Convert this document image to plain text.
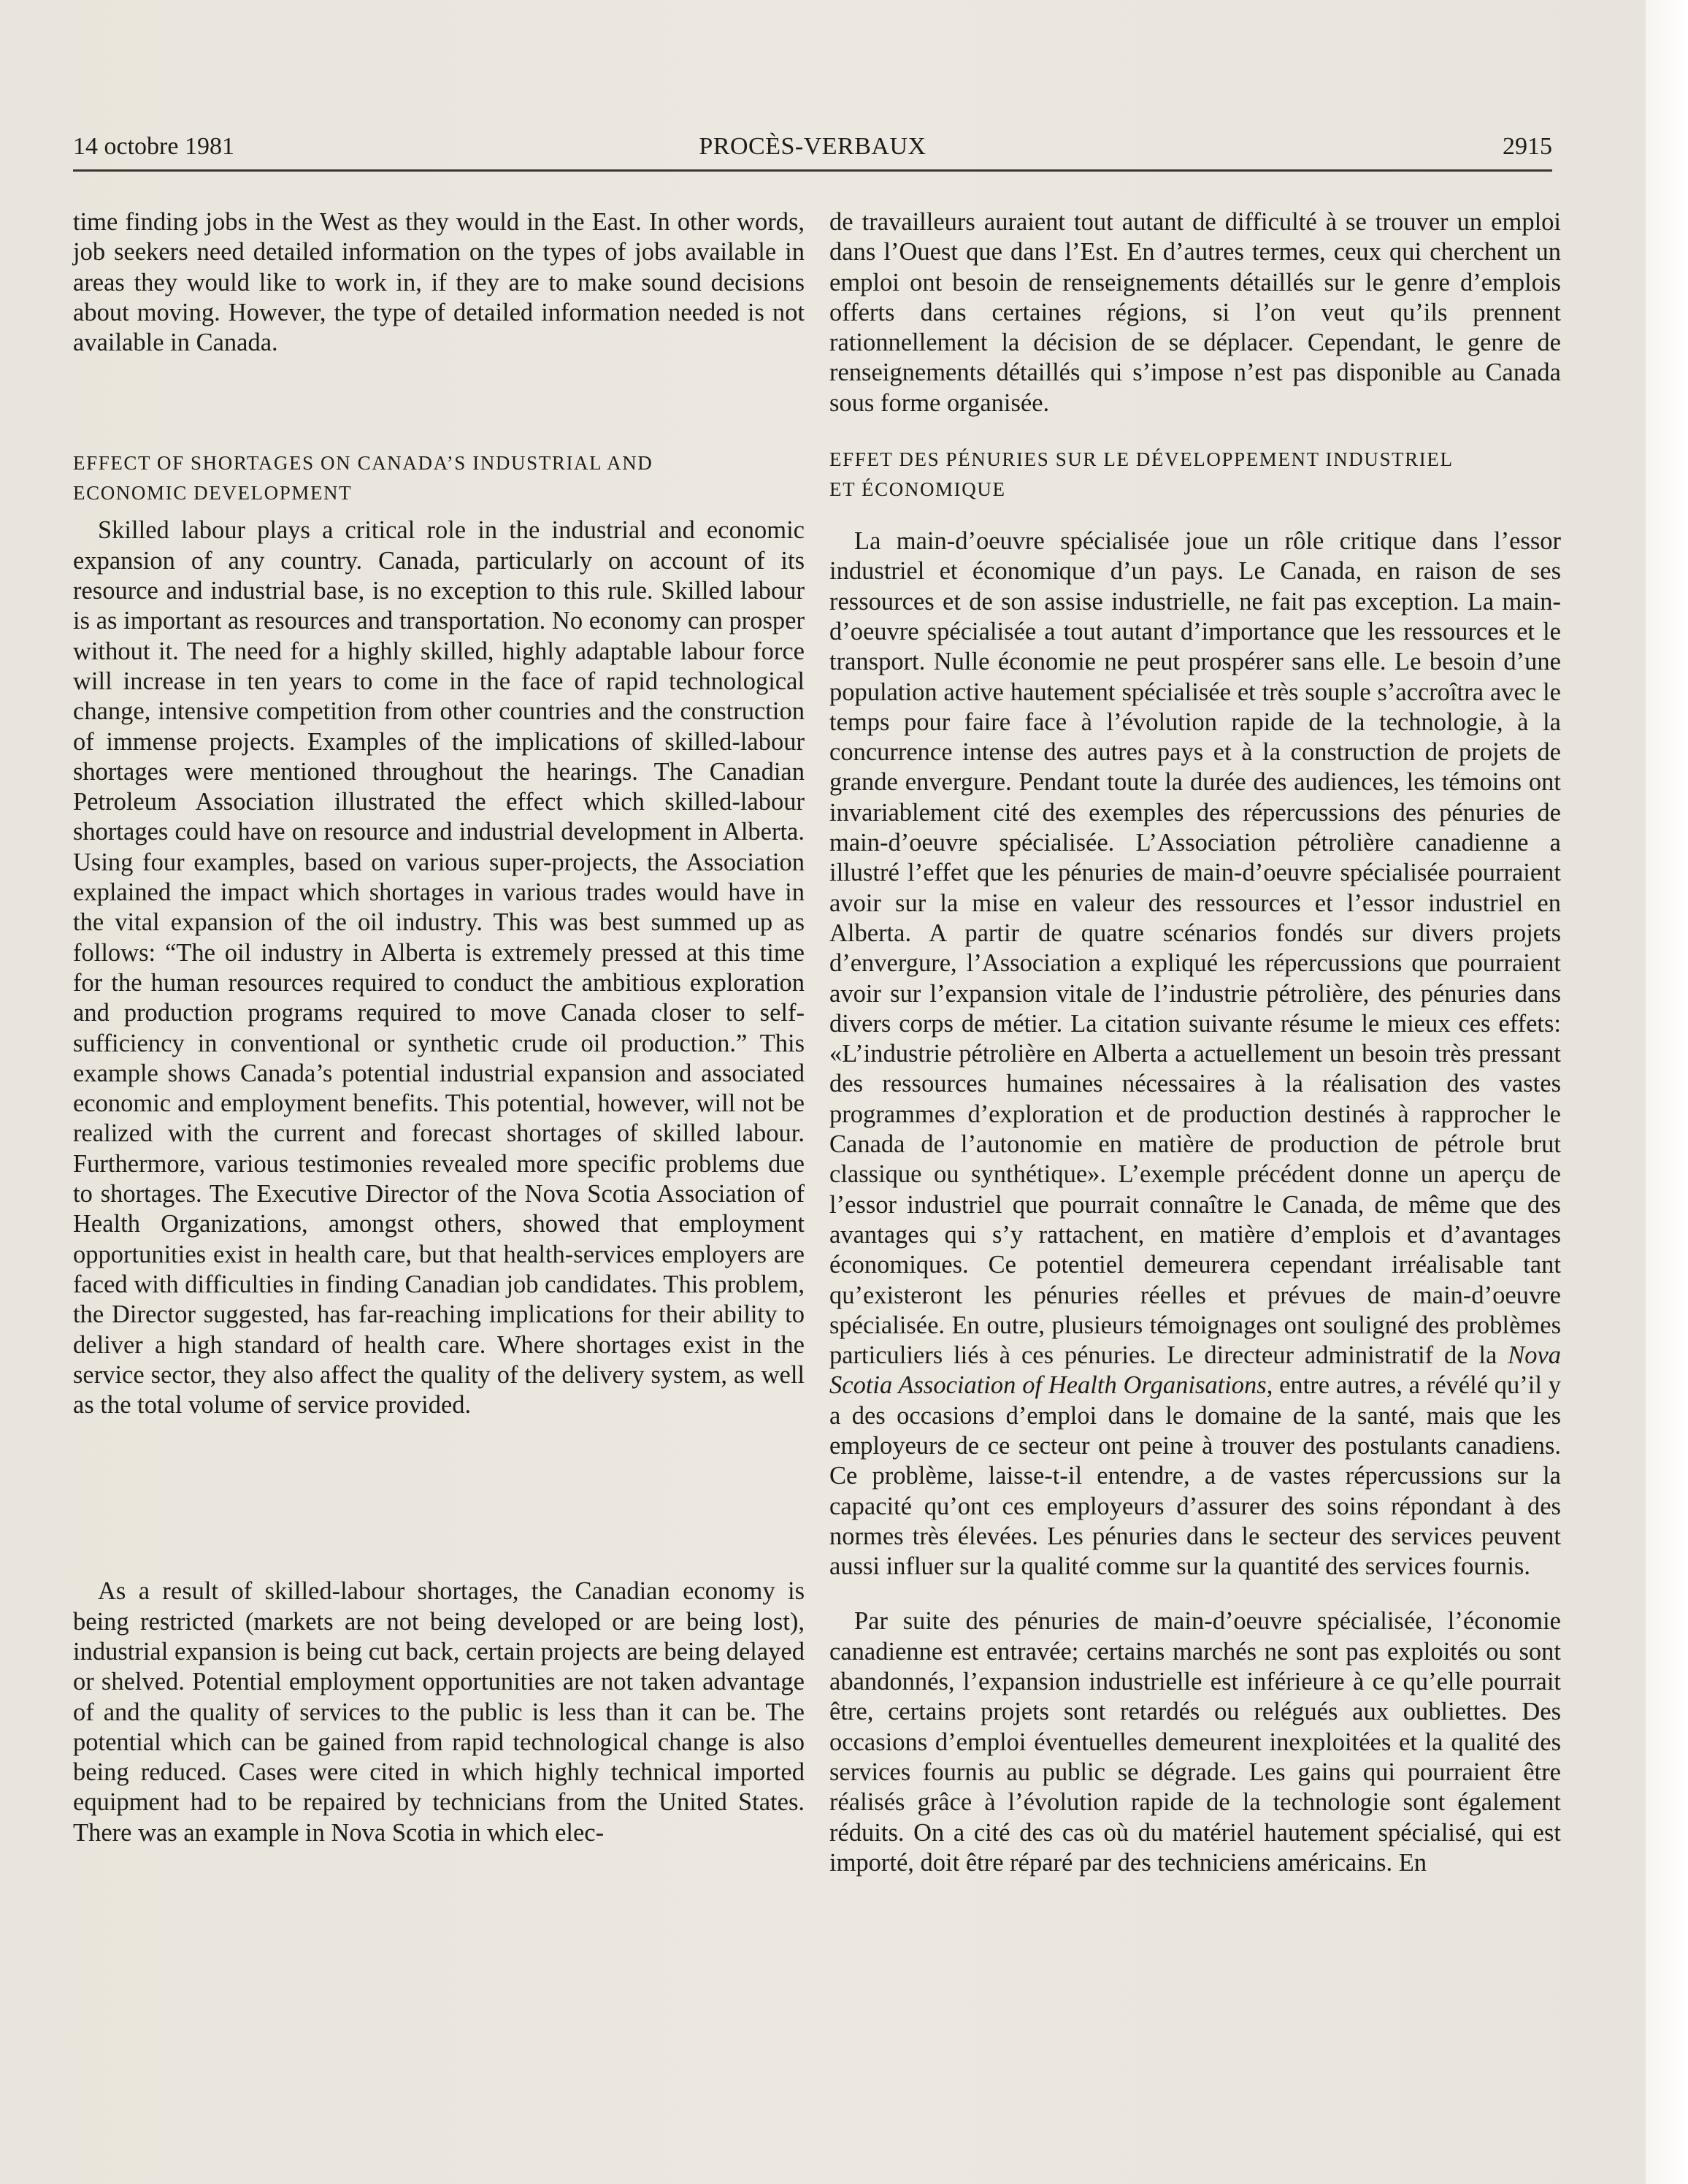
14 octobre 1981	PROCÈS-VERBAUX	2915

time finding jobs in the West as they would in the East. In other words, job seekers need detailed information on the types of jobs available in areas they would like to work in, if they are to make sound decisions about moving. However, the type of detailed information needed is not available in Canada.

EFFECT OF SHORTAGES ON CANADA’S INDUSTRIAL AND
ECONOMIC DEVELOPMENT

Skilled labour plays a critical role in the industrial and economic expansion of any country. Canada, particularly on account of its resource and industrial base, is no exception to this rule. Skilled labour is as important as resources and transportation. No economy can prosper without it. The need for a highly skilled, highly adaptable labour force will increase in ten years to come in the face of rapid technological change, intensive competition from other countries and the construction of immense projects. Examples of the implications of skilled-labour shortages were mentioned throughout the hearings. The Canadian Petroleum Association illustrated the effect which skilled-labour shortages could have on resource and industrial development in Alberta. Using four examples, based on various super-projects, the Association explained the impact which shortages in various trades would have in the vital expansion of the oil industry. This was best summed up as follows: “The oil industry in Alberta is extremely pressed at this time for the human resources required to conduct the ambitious exploration and production programs required to move Canada closer to self-sufficiency in conventional or synthetic crude oil production.” This example shows Canada’s potential industrial expansion and associated economic and employment benefits. This potential, however, will not be realized with the current and forecast shortages of skilled labour. Furthermore, various testimonies revealed more specific problems due to shortages. The Executive Director of the Nova Scotia Association of Health Organizations, amongst others, showed that employment opportunities exist in health care, but that health-services employers are faced with difficulties in finding Canadian job candidates. This problem, the Director suggested, has far-reaching implications for their ability to deliver a high standard of health care. Where shortages exist in the service sector, they also affect the quality of the delivery system, as well as the total volume of service provided.

As a result of skilled-labour shortages, the Canadian economy is being restricted (markets are not being developed or are being lost), industrial expansion is being cut back, certain projects are being delayed or shelved. Potential employment opportunities are not taken advantage of and the quality of services to the public is less than it can be. The potential which can be gained from rapid technological change is also being reduced. Cases were cited in which highly technical imported equipment had to be repaired by technicians from the United States. There was an example in Nova Scotia in which elec-

de travailleurs auraient tout autant de difficulté à se trouver un emploi dans l’Ouest que dans l’Est. En d’autres termes, ceux qui cherchent un emploi ont besoin de renseignements détaillés sur le genre d’emplois offerts dans certaines régions, si l’on veut qu’ils prennent rationnellement la décision de se déplacer. Cependant, le genre de renseignements détaillés qui s’impose n’est pas disponible au Canada sous forme organisée.

EFFET DES PÉNURIES SUR LE DÉVELOPPEMENT INDUSTRIEL
ET ÉCONOMIQUE

La main-d’oeuvre spécialisée joue un rôle critique dans l’essor industriel et économique d’un pays. Le Canada, en raison de ses ressources et de son assise industrielle, ne fait pas exception. La main-d’oeuvre spécialisée a tout autant d’importance que les ressources et le transport. Nulle économie ne peut prospérer sans elle. Le besoin d’une population active hautement spécialisée et très souple s’accroîtra avec le temps pour faire face à l’évolution rapide de la technologie, à la concurrence intense des autres pays et à la construction de projets de grande envergure. Pendant toute la durée des audiences, les témoins ont invariablement cité des exemples des répercussions des pénuries de main-d’oeuvre spécialisée. L’Association pétrolière canadienne a illustré l’effet que les pénuries de main-d’oeuvre spécialisée pourraient avoir sur la mise en valeur des ressources et l’essor industriel en Alberta. A partir de quatre scénarios fondés sur divers projets d’envergure, l’Association a expliqué les répercussions que pourraient avoir sur l’expansion vitale de l’industrie pétrolière, des pénuries dans divers corps de métier. La citation suivante résume le mieux ces effets: «L’industrie pétrolière en Alberta a actuellement un besoin très pressant des ressources humaines nécessaires à la réalisation des vastes programmes d’exploration et de production destinés à rapprocher le Canada de l’autonomie en matière de production de pétrole brut classique ou synthétique». L’exemple précédent donne un aperçu de l’essor industriel que pourrait connaître le Canada, de même que des avantages qui s’y rattachent, en matière d’emplois et d’avantages économiques. Ce potentiel demeurera cependant irréalisable tant qu’existeront les pénuries réelles et prévues de main-d’oeuvre spécialisée. En outre, plusieurs témoignages ont souligné des problèmes particuliers liés à ces pénuries. Le directeur administratif de la Nova Scotia Association of Health Organisations, entre autres, a révélé qu’il y a des occasions d’emploi dans le domaine de la santé, mais que les employeurs de ce secteur ont peine à trouver des postulants canadiens. Ce problème, laisse-t-il entendre, a de vastes répercussions sur la capacité qu’ont ces employeurs d’assurer des soins répondant à des normes très élevées. Les pénuries dans le secteur des services peuvent aussi influer sur la qualité comme sur la quantité des services fournis.

Par suite des pénuries de main-d’oeuvre spécialisée, l’économie canadienne est entravée; certains marchés ne sont pas exploités ou sont abandonnés, l’expansion industrielle est inférieure à ce qu’elle pourrait être, certains projets sont retardés ou relégués aux oubliettes. Des occasions d’emploi éventuelles demeurent inexploitées et la qualité des services fournis au public se dégrade. Les gains qui pourraient être réalisés grâce à l’évolution rapide de la technologie sont également réduits. On a cité des cas où du matériel hautement spécialisé, qui est importé, doit être réparé par des techniciens américains. En
